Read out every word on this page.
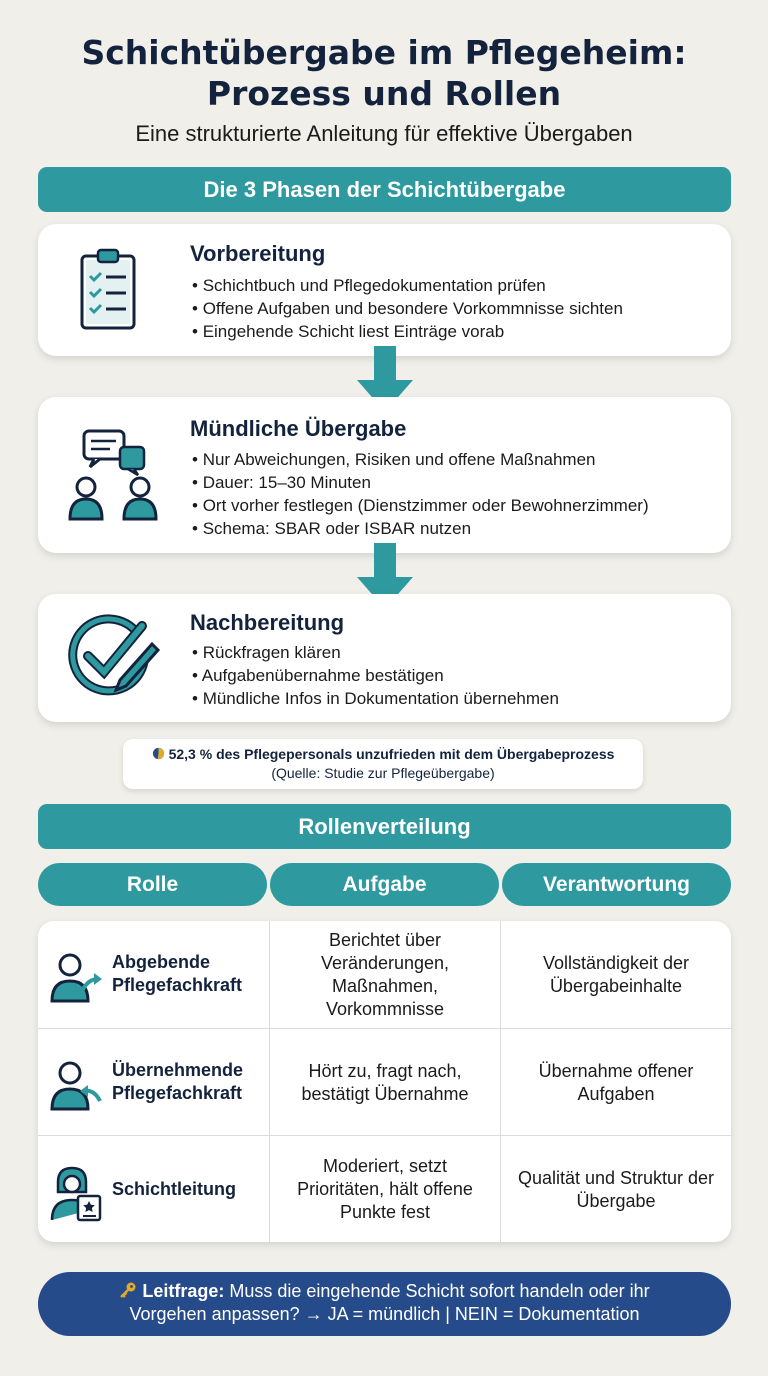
Schichtübergabe im Pflegeheim:
Prozess und Rollen
Eine strukturierte Anleitung für effektive Übergaben
Die 3 Phasen der Schichtübergabe
Vorbereitung
• Schichtbuch und Pflegedokumentation prüfen
• Offene Aufgaben und besondere Vorkommnisse sichten
• Eingehende Schicht liest Einträge vorab
Mündliche Übergabe
• Nur Abweichungen, Risiken und offene Maßnahmen
• Dauer: 15–30 Minuten
• Ort vorher festlegen (Dienstzimmer oder Bewohnerzimmer)
• Schema: SBAR oder ISBAR nutzen
Nachbereitung
• Rückfragen klären
• Aufgabenübernahme bestätigen
• Mündliche Infos in Dokumentation übernehmen
52,3 % des Pflegepersonals unzufrieden mit dem Übergabeprozess
(Quelle: Studie zur Pflegeübergabe)
Rollenverteilung
Rolle	Aufgabe	Verantwortung
Abgebende
Pflegefachkraft
Berichtet über Veränderungen, Maßnahmen, Vorkommnisse
Vollständigkeit der Übergabeinhalte
Übernehmende
Pflegefachkraft
Hört zu, fragt nach, bestätigt Übernahme
Übernahme offener Aufgaben
Schichtleitung
Moderiert, setzt Prioritäten, hält offene Punkte fest
Qualität und Struktur der Übergabe
Leitfrage: Muss die eingehende Schicht sofort handeln oder ihr
Vorgehen anpassen? → JA = mündlich | NEIN = Dokumentation
